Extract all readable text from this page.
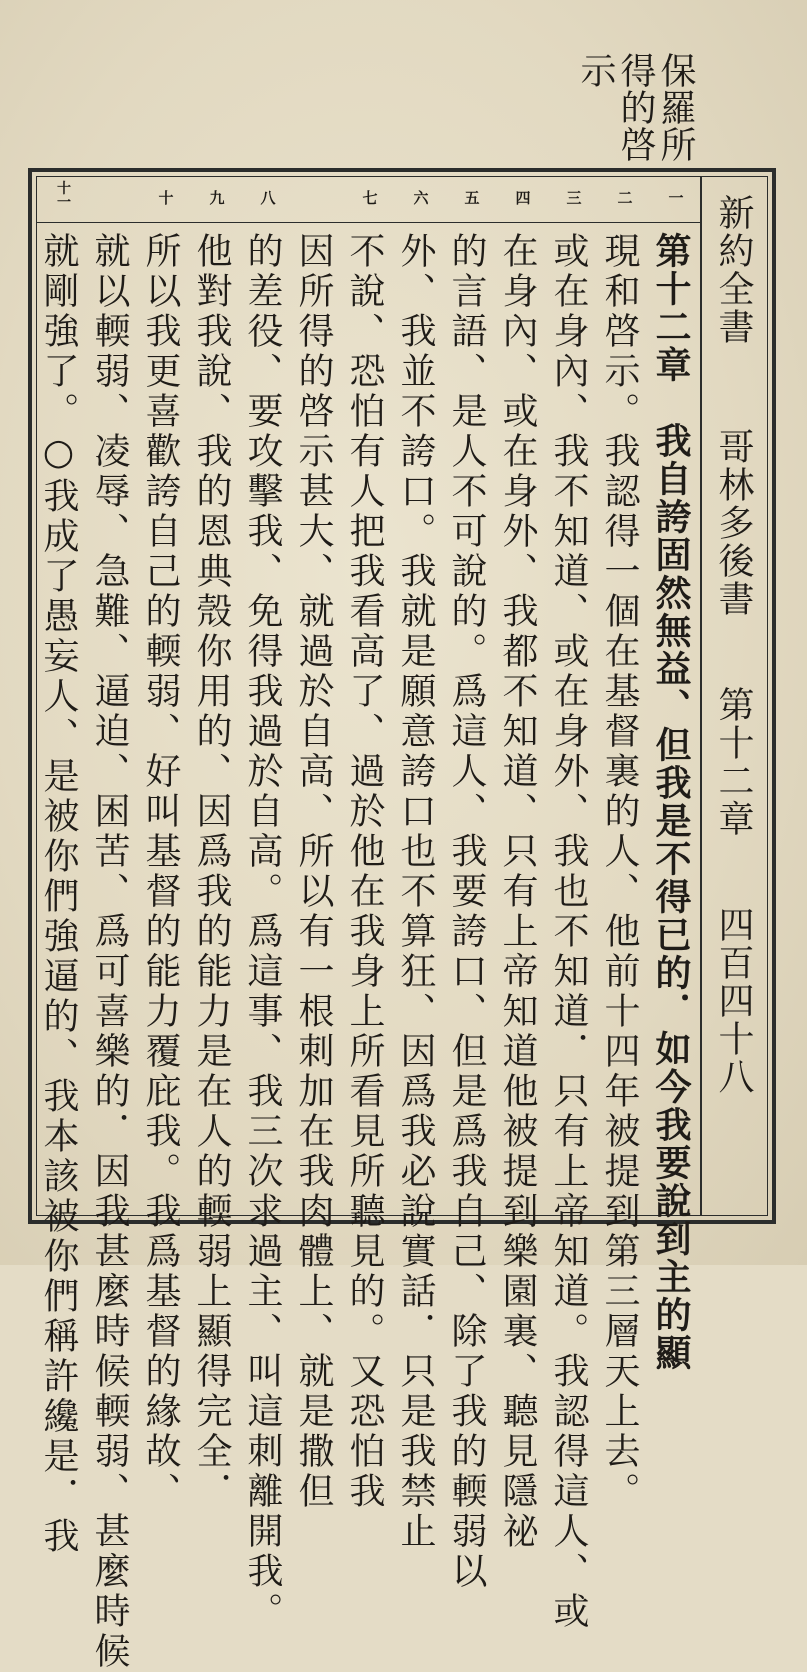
保羅所
得的啓
示
新約全書
哥林多後書
第十二章
四百四十八
一
二
三
四
五
六
七
八
九
十
十一
第十二章　我自誇固然無益、但我是不得已的．如今我要說到主的顯
現和啓示。我認得一個在基督裏的人、他前十四年被提到第三層天上去。
或在身內、我不知道、或在身外、我也不知道．只有上帝知道。我認得這人、或
在身內、或在身外、我都不知道、只有上帝知道他被提到樂園裏、聽見隱祕
的言語、是人不可說的。爲這人、我要誇口、但是爲我自己、除了我的輭弱以
外、我並不誇口。我就是願意誇口也不算狂、因爲我必說實話．只是我禁止
不說、恐怕有人把我看高了、過於他在我身上所看見所聽見的。又恐怕我
因所得的啓示甚大、就過於自高、所以有一根刺加在我肉體上、就是撒但
的差役、要攻擊我、免得我過於自高。爲這事、我三次求過主、叫這刺離開我。
他對我說、我的恩典殼你用的、因爲我的能力是在人的輭弱上顯得完全．
所以我更喜歡誇自己的輭弱、好叫基督的能力覆庇我。我爲基督的緣故、
就以輭弱、凌辱、急難、逼迫、困苦、爲可喜樂的．因我甚麼時候輭弱、甚麼時候
就剛強了。○我成了愚妄人、是被你們強逼的、我本該被你們稱許纔是．我
